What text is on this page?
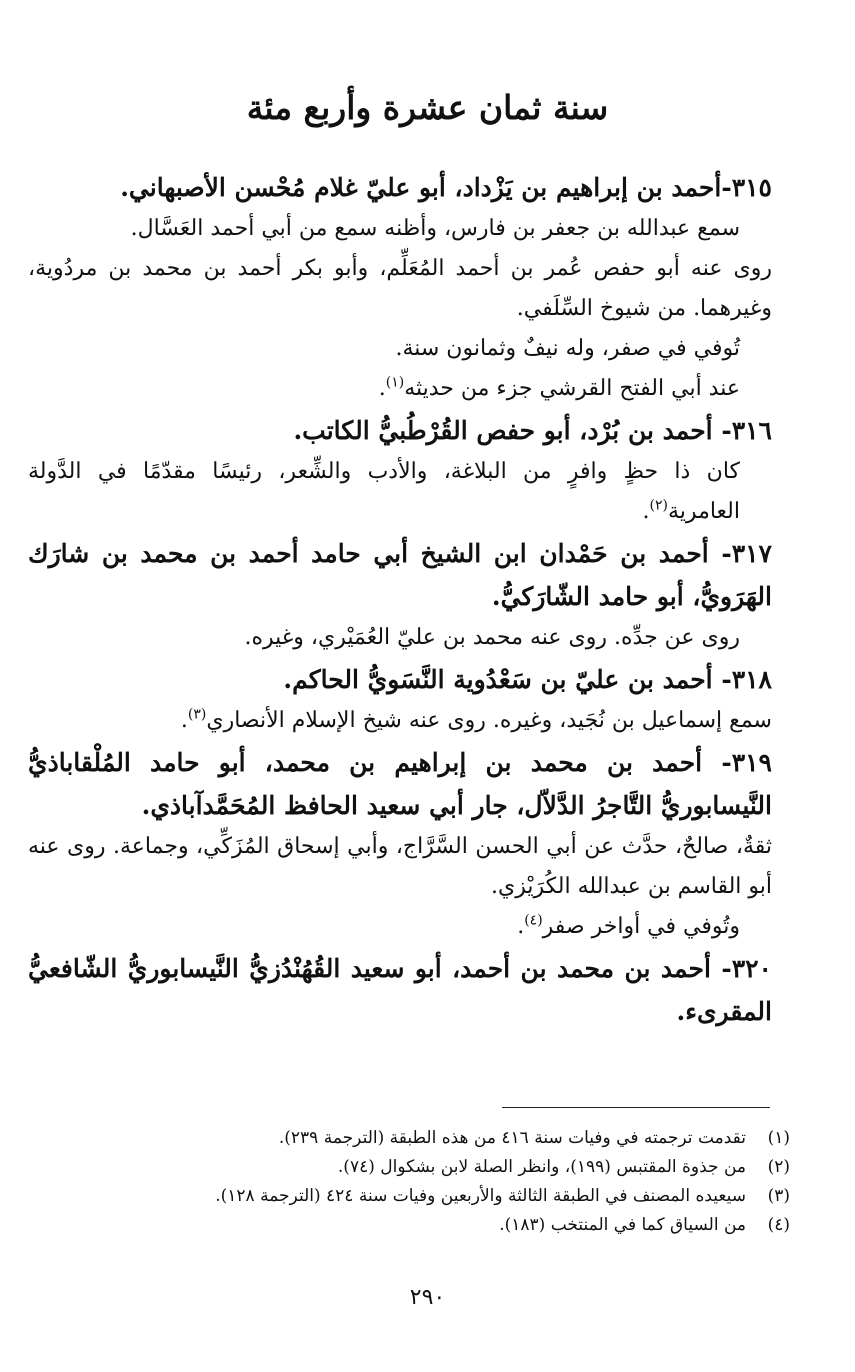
سنة ثمان عشرة وأربع مئة

٣١٥-أحمد بن إبراهيم بن يَزْداد، أبو عليّ غلام مُحْسن الأصبهاني.

سمع عبدالله بن جعفر بن فارس، وأظنه سمع من أبي أحمد العَسَّال.

روى عنه أبو حفص عُمر بن أحمد المُعَلِّم، وأبو بكر أحمد بن محمد بن مردُوية، وغيرهما. من شيوخ السِّلَفي.

تُوفي في صفر، وله نيفٌ وثمانون سنة.

عند أبي الفتح القرشي جزء من حديثه$^{(١)}$.

٣١٦- أحمد بن بُرْد، أبو حفص القُرْطُبيُّ الكاتب.

كان ذا حظٍ وافرٍ من البلاغة، والأدب والشِّعر، رئيسًا مقدّمًا في الدَّولة العامرية$^{(٢)}$.

٣١٧- أحمد بن حَمْدان ابن الشيخ أبي حامد أحمد بن محمد بن شارَك الهَرَويُّ، أبو حامد الشّارَكيُّ.

روى عن جدِّه. روى عنه محمد بن عليّ العُمَيْري، وغيره.

٣١٨- أحمد بن عليّ بن سَعْدُوية النَّسَويُّ الحاكم.

سمع إسماعيل بن نُجَيد، وغيره. روى عنه شيخ الإسلام الأنصاري$^{(٣)}$.

٣١٩- أحمد بن محمد بن إبراهيم بن محمد، أبو حامد المُلْقاباذيُّ النَّيسابوريُّ التَّاجرُ الدَّلاّل، جار أبي سعيد الحافظ المُحَمَّدآباذي.

ثقةٌ، صالحٌ، حدَّث عن أبي الحسن السَّرَّاج، وأبي إسحاق المُزَكِّي، وجماعة. روى عنه أبو القاسم بن عبدالله الكُرَيْزي.

وتُوفي في أواخر صفر$^{(٤)}$.

٣٢٠- أحمد بن محمد بن أحمد، أبو سعيد القُهُنْدُزيُّ النَّيسابوريُّ الشّافعيُّ المقرىء.

(١)تقدمت ترجمته في وفيات سنة ٤١٦ من هذه الطبقة (الترجمة ٢٣٩).

(٢)من جذوة المقتبس (١٩٩)، وانظر الصلة لابن بشكوال (٧٤).

(٣)سيعيده المصنف في الطبقة الثالثة والأربعين وفيات سنة ٤٢٤ (الترجمة ١٢٨).

(٤)من السياق كما في المنتخب (١٨٣).

٢٩٠
